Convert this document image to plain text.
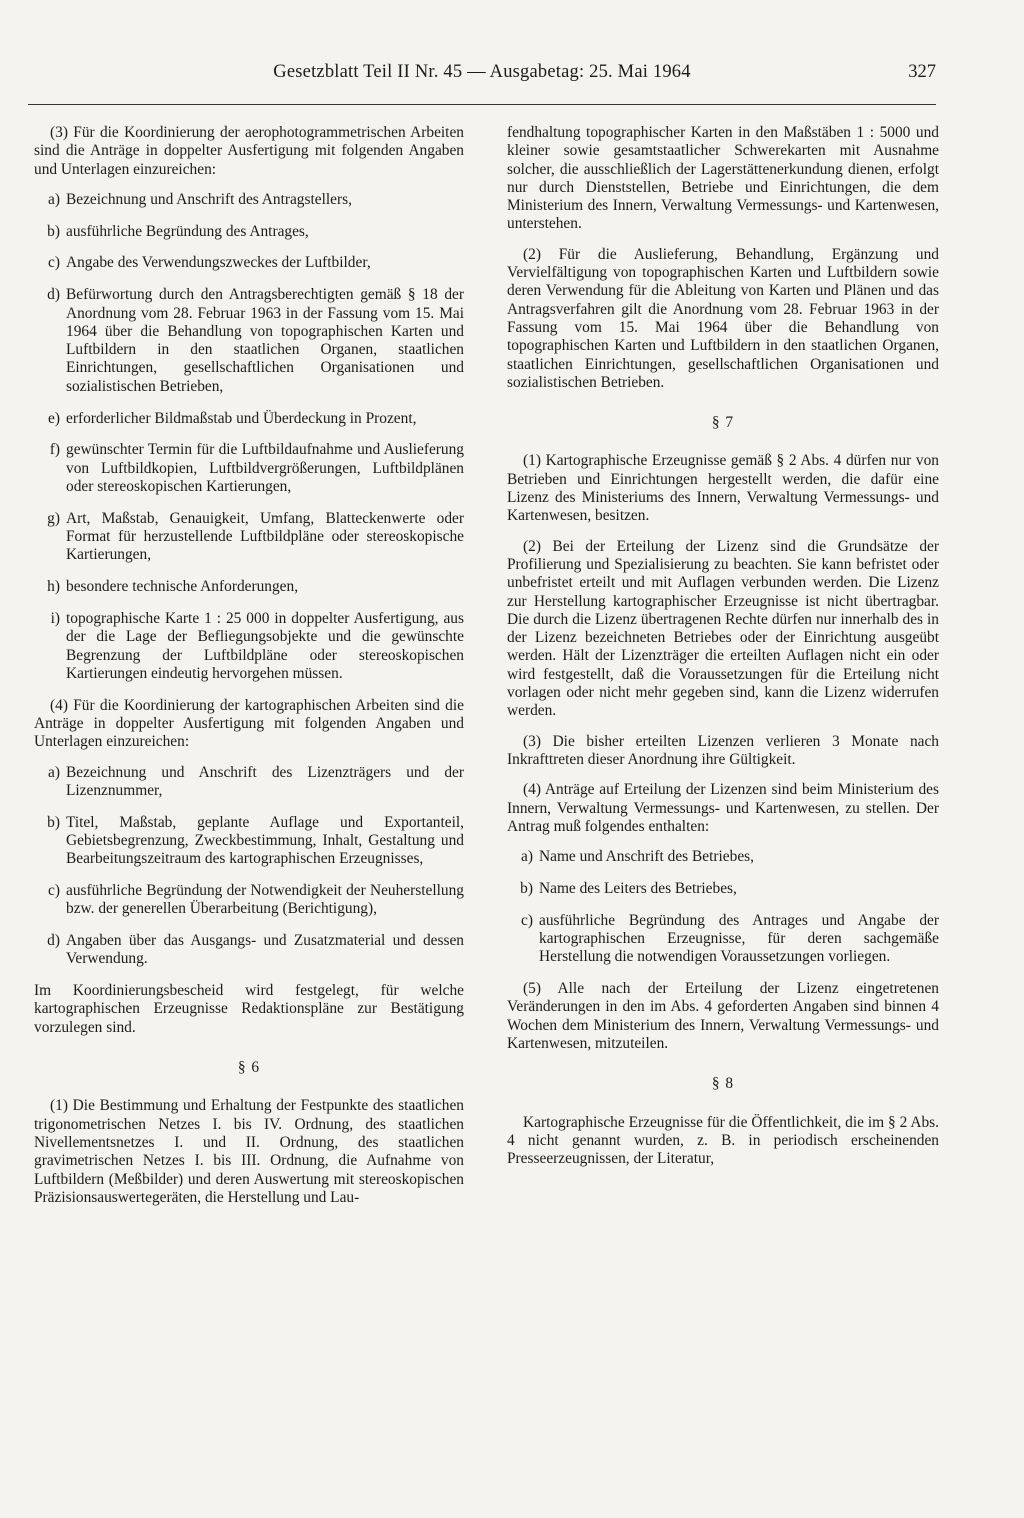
Gesetzblatt Teil II Nr. 45 — Ausgabetag: 25. Mai 1964	327

(3) Für die Koordinierung der aerophotogrammetrischen Arbeiten sind die Anträge in doppelter Ausfertigung mit folgenden Angaben und Unterlagen einzureichen:

a) Bezeichnung und Anschrift des Antragstellers,
b) ausführliche Begründung des Antrages,
c) Angabe des Verwendungszweckes der Luftbilder,
d) Befürwortung durch den Antragsberechtigten gemäß § 18 der Anordnung vom 28. Februar 1963 in der Fassung vom 15. Mai 1964 über die Behandlung von topographischen Karten und Luftbildern in den staatlichen Organen, staatlichen Einrichtungen, gesellschaftlichen Organisationen und sozialistischen Betrieben,
e) erforderlicher Bildmaßstab und Überdeckung in Prozent,
f) gewünschter Termin für die Luftbildaufnahme und Auslieferung von Luftbildkopien, Luftbildvergrößerungen, Luftbildplänen oder stereoskopischen Kartierungen,
g) Art, Maßstab, Genauigkeit, Umfang, Blatteckenwerte oder Format für herzustellende Luftbildpläne oder stereoskopische Kartierungen,
h) besondere technische Anforderungen,
i) topographische Karte 1 : 25 000 in doppelter Ausfertigung, aus der die Lage der Befliegungsobjekte und die gewünschte Begrenzung der Luftbildpläne oder stereoskopischen Kartierungen eindeutig hervorgehen müssen.

(4) Für die Koordinierung der kartographischen Arbeiten sind die Anträge in doppelter Ausfertigung mit folgenden Angaben und Unterlagen einzureichen:

a) Bezeichnung und Anschrift des Lizenzträgers und der Lizenznummer,
b) Titel, Maßstab, geplante Auflage und Exportanteil, Gebietsbegrenzung, Zweckbestimmung, Inhalt, Gestaltung und Bearbeitungszeitraum des kartographischen Erzeugnisses,
c) ausführliche Begründung der Notwendigkeit der Neuherstellung bzw. der generellen Überarbeitung (Berichtigung),
d) Angaben über das Ausgangs- und Zusatzmaterial und dessen Verwendung.

Im Koordinierungsbescheid wird festgelegt, für welche kartographischen Erzeugnisse Redaktionspläne zur Bestätigung vorzulegen sind.

§ 6

(1) Die Bestimmung und Erhaltung der Festpunkte des staatlichen trigonometrischen Netzes I. bis IV. Ordnung, des staatlichen Nivellementsnetzes I. und II. Ordnung, des staatlichen gravimetrischen Netzes I. bis III. Ordnung, die Aufnahme von Luftbildern (Meßbilder) und deren Auswertung mit stereoskopischen Präzisionsauswertegeräten, die Herstellung und Lau-

fendhaltung topographischer Karten in den Maßstäben 1 : 5000 und kleiner sowie gesamtstaatlicher Schwerekarten mit Ausnahme solcher, die ausschließlich der Lagerstättenerkundung dienen, erfolgt nur durch Dienststellen, Betriebe und Einrichtungen, die dem Ministerium des Innern, Verwaltung Vermessungs- und Kartenwesen, unterstehen.

(2) Für die Auslieferung, Behandlung, Ergänzung und Vervielfältigung von topographischen Karten und Luftbildern sowie deren Verwendung für die Ableitung von Karten und Plänen und das Antragsverfahren gilt die Anordnung vom 28. Februar 1963 in der Fassung vom 15. Mai 1964 über die Behandlung von topographischen Karten und Luftbildern in den staatlichen Organen, staatlichen Einrichtungen, gesellschaftlichen Organisationen und sozialistischen Betrieben.

§ 7

(1) Kartographische Erzeugnisse gemäß § 2 Abs. 4 dürfen nur von Betrieben und Einrichtungen hergestellt werden, die dafür eine Lizenz des Ministeriums des Innern, Verwaltung Vermessungs- und Kartenwesen, besitzen.

(2) Bei der Erteilung der Lizenz sind die Grundsätze der Profilierung und Spezialisierung zu beachten. Sie kann befristet oder unbefristet erteilt und mit Auflagen verbunden werden. Die Lizenz zur Herstellung kartographischer Erzeugnisse ist nicht übertragbar. Die durch die Lizenz übertragenen Rechte dürfen nur innerhalb des in der Lizenz bezeichneten Betriebes oder der Einrichtung ausgeübt werden. Hält der Lizenzträger die erteilten Auflagen nicht ein oder wird festgestellt, daß die Voraussetzungen für die Erteilung nicht vorlagen oder nicht mehr gegeben sind, kann die Lizenz widerrufen werden.

(3) Die bisher erteilten Lizenzen verlieren 3 Monate nach Inkrafttreten dieser Anordnung ihre Gültigkeit.

(4) Anträge auf Erteilung der Lizenzen sind beim Ministerium des Innern, Verwaltung Vermessungs- und Kartenwesen, zu stellen. Der Antrag muß folgendes enthalten:

a) Name und Anschrift des Betriebes,
b) Name des Leiters des Betriebes,
c) ausführliche Begründung des Antrages und Angabe der kartographischen Erzeugnisse, für deren sachgemäße Herstellung die notwendigen Voraussetzungen vorliegen.

(5) Alle nach der Erteilung der Lizenz eingetretenen Veränderungen in den im Abs. 4 geforderten Angaben sind binnen 4 Wochen dem Ministerium des Innern, Verwaltung Vermessungs- und Kartenwesen, mitzuteilen.

§ 8

Kartographische Erzeugnisse für die Öffentlichkeit, die im § 2 Abs. 4 nicht genannt wurden, z. B. in periodisch erscheinenden Presseerzeugnissen, der Literatur,
